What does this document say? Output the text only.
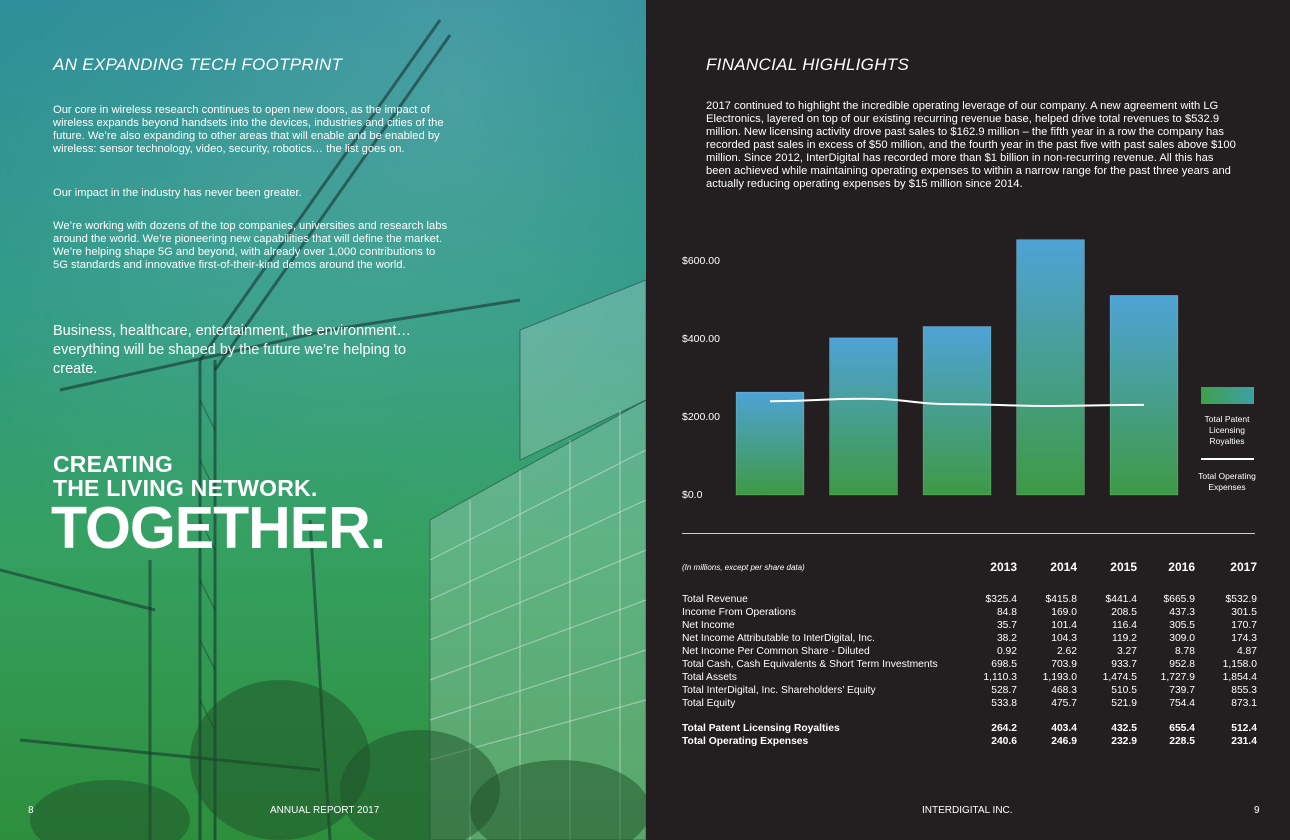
AN EXPANDING TECH FOOTPRINT

Our core in wireless research continues to open new doors, as the impact of wireless expands beyond handsets into the devices, industries and cities of the future. We’re also expanding to other areas that will enable and be enabled by wireless: sensor technology, video, security, robotics… the list goes on.

Our impact in the industry has never been greater.

We’re working with dozens of the top companies, universities and research labs around the world. We’re pioneering new capabilities that will define the market. We’re helping shape 5G and beyond, with already over 1,000 contributions to 5G standards and innovative first-of-their-kind demos around the world.

Business, healthcare, entertainment, the environment… everything will be shaped by the future we’re helping to create.

CREATING

THE LIVING NETWORK.

TOGETHER.

8	ANNUAL REPORT 2017
FINANCIAL HIGHLIGHTS

2017 continued to highlight the incredible operating leverage of our company. A new agreement with LG Electronics, layered on top of our existing recurring revenue base, helped drive total revenues to $532.9 million. New licensing activity drove past sales to $162.9 million – the fifth year in a row the company has recorded past sales in excess of $50 million, and the fourth year in the past five with past sales above $100 million. Since 2012, InterDigital has recorded more than $1 billion in non-recurring revenue. All this has been achieved while maintaining operating expenses to within a narrow range for the past three years and actually reducing operating expenses by $15 million since 2014.

$0.0
$200.00
$400.00
$600.00
Total Patent Licensing Royalties
Total Operating Expenses
(In millions, except per share data)	2013	2014	2015	2016	2017

Total Revenue	$325.4	$415.8	$441.4	$665.9	$532.9
Income From Operations	84.8	169.0	208.5	437.3	301.5
Net Income	35.7	101.4	116.4	305.5	170.7
Net Income Attributable to InterDigital, Inc.	38.2	104.3	119.2	309.0	174.3
Net Income Per Common Share - Diluted	0.92	2.62	3.27	8.78	4.87
Total Cash, Cash Equivalents & Short Term Investments	698.5	703.9	933.7	952.8	1,158.0
Total Assets	1,110.3	1,193.0	1,474.5	1,727.9	1,854.4
Total InterDigital, Inc. Shareholders’ Equity	528.7	468.3	510.5	739.7	855.3
Total Equity	533.8	475.7	521.9	754.4	873.1

Total Patent Licensing Royalties	264.2	403.4	432.5	655.4	512.4
Total Operating Expenses	240.6	246.9	232.9	228.5	231.4
INTERDIGITAL INC.	9
